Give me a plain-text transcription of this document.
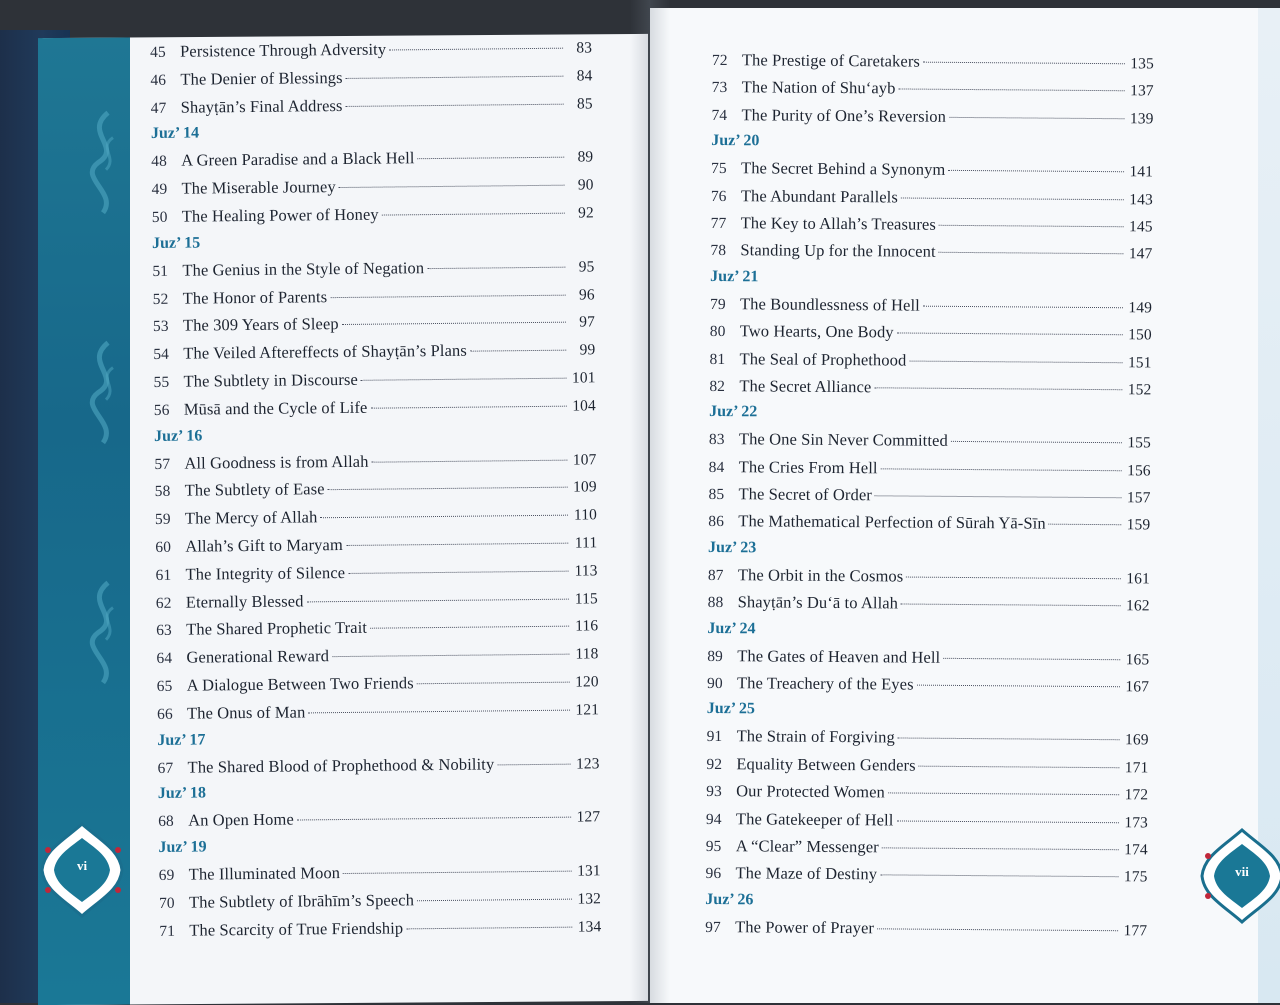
45 Persistence Through Adversity	83
46 The Denier of Blessings	84
47 Shayṭān’s Final Address	85
Juz’ 14
48 A Green Paradise and a Black Hell	89
49 The Miserable Journey	90
50 The Healing Power of Honey	92
Juz’ 15
51 The Genius in the Style of Negation	95
52 The Honor of Parents	96
53 The 309 Years of Sleep	97
54 The Veiled Aftereffects of Shayṭān’s Plans	99
55 The Subtlety in Discourse	101
56 Mūsā and the Cycle of Life	104
Juz’ 16
57 All Goodness is from Allah	107
58 The Subtlety of Ease	109
59 The Mercy of Allah	110
60 Allah’s Gift to Maryam	111
61 The Integrity of Silence	113
62 Eternally Blessed	115
63 The Shared Prophetic Trait	116
64 Generational Reward	118
65 A Dialogue Between Two Friends	120
66 The Onus of Man	121
Juz’ 17
67 The Shared Blood of Prophethood & Nobility	123
Juz’ 18
68 An Open Home	127
Juz’ 19
69 The Illuminated Moon	131
70 The Subtlety of Ibrāhīm’s Speech	132
71 The Scarcity of True Friendship	134
72 The Prestige of Caretakers	135
73 The Nation of Shu‘ayb	137
74 The Purity of One’s Reversion	139
Juz’ 20
75 The Secret Behind a Synonym	141
76 The Abundant Parallels	143
77 The Key to Allah’s Treasures	145
78 Standing Up for the Innocent	147
Juz’ 21
79 The Boundlessness of Hell	149
80 Two Hearts, One Body	150
81 The Seal of Prophethood	151
82 The Secret Alliance	152
Juz’ 22
83 The One Sin Never Committed	155
84 The Cries From Hell	156
85 The Secret of Order	157
86 The Mathematical Perfection of Sūrah Yā-Sīn	159
Juz’ 23
87 The Orbit in the Cosmos	161
88 Shayṭān’s Du‘ā to Allah	162
Juz’ 24
89 The Gates of Heaven and Hell	165
90 The Treachery of the Eyes	167
Juz’ 25
91 The Strain of Forgiving	169
92 Equality Between Genders	171
93 Our Protected Women	172
94 The Gatekeeper of Hell	173
95 A “Clear” Messenger	174
96 The Maze of Destiny	175
Juz’ 26
97 The Power of Prayer	177
vi	vii
